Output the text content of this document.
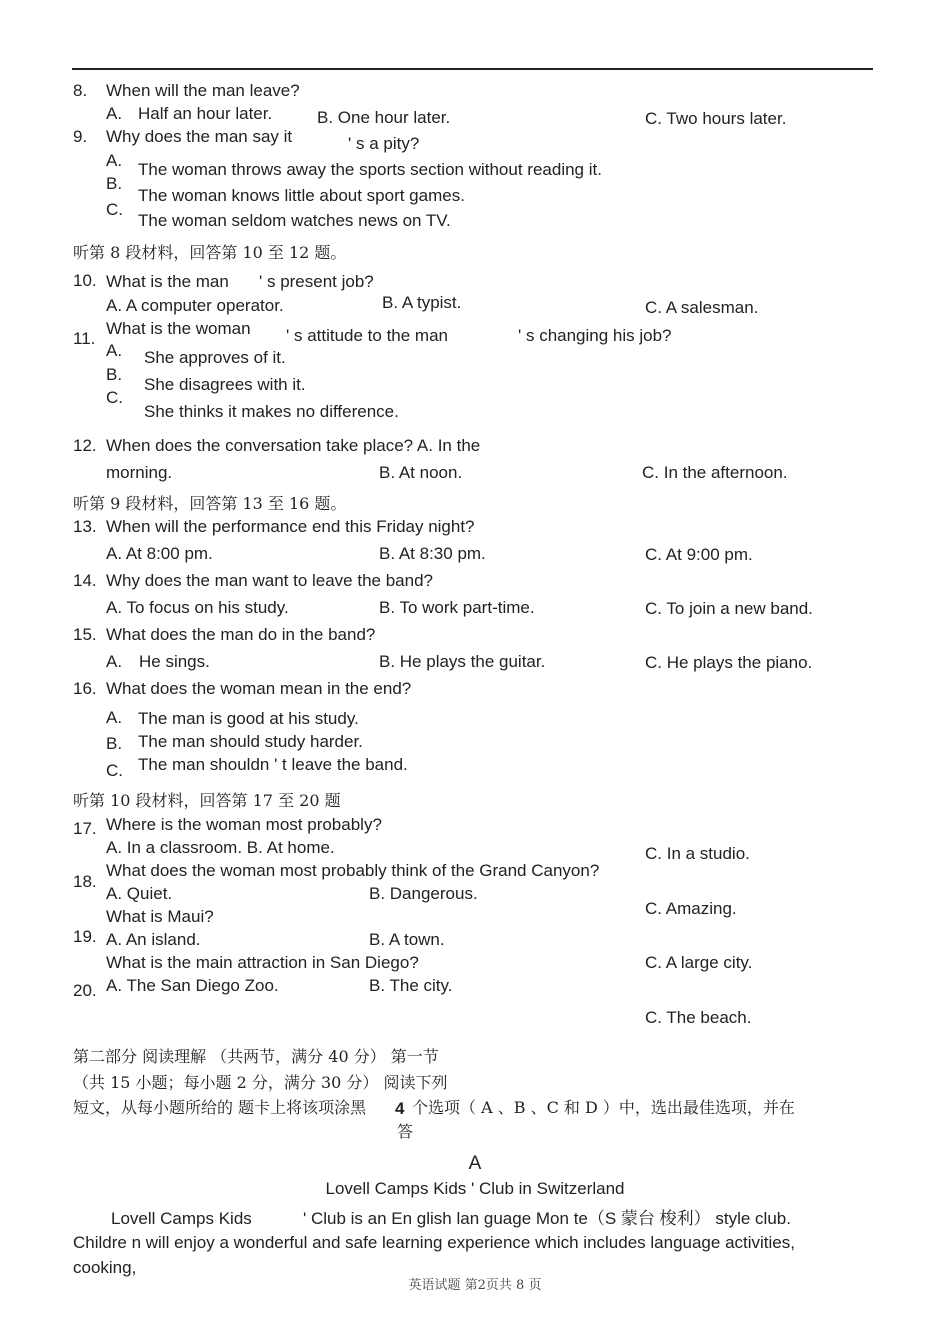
8. When will the man leave?
A. Half an hour later.	B. One hour later.	C. Two hours later.
9. Why does the man say it	' s a pity?
A.
B.
C.
The woman throws away the sports section without reading it.
The woman knows little about sport games.
The woman seldom watches news on TV.
听第 8 段材料，回答第 10 至 12 题。
10. What is the man ' s present job?
A. A computer operator.	B. A typist.	C. A salesman.
11.
What is the woman ' s attitude to the man	' s changing his job?
A.
B.
C.
She approves of it.
She disagrees with it.
She thinks it makes no difference.
12. When does the conversation take place? A. In the
morning.	B. At noon.	C. In the afternoon.
听第 9 段材料，回答第 13 至 16 题。
13. When will the performance end this Friday night?
A. At 8:00 pm.	B. At 8:30 pm.	C. At 9:00 pm.
14. Why does the man want to leave the band?
A. To focus on his study.	B. To work part-time.	C. To join a new band.
15. What does the man do in the band?
A. He sings.	B. He plays the guitar.	C. He plays the piano.
16. What does the woman mean in the end?
A.
B.
C.
The man is good at his study.
The man should study harder.
The man shouldn ' t leave the band.
听第 10 段材料，回答第 17 至 20 题
17. Where is the woman most probably?
A. In a classroom. B. At home.	C. In a studio.
18.
What does the woman most probably think of the Grand Canyon?
A. Quiet.	B. Dangerous.
C. Amazing.
19.
What is Maui?
A. An island.	B. A town.
C. A large city.
20.
What is the main attraction in San Diego?
A. The San Diego Zoo.	B. The city.
C. The beach.
第二部分 阅读理解 （共两节，满分 40 分） 第一节
（共 15 小题；每小题 2 分，满分 30 分） 阅读下列
短文，从每小题所给的 题卡上将该项涂黑 4 个选项（ A 、B 、C 和 D ）中，选出最佳选项，并在
答
A
Lovell Camps Kids ' Club in Switzerland
Lovell Camps Kids	' Club is an En glish lan guage Mon te（S 蒙台 梭利） style club.
Childre n will enjoy a wonderful and safe learning experience which includes language activities,
cooking,
英语试题 第2页共 8 页
